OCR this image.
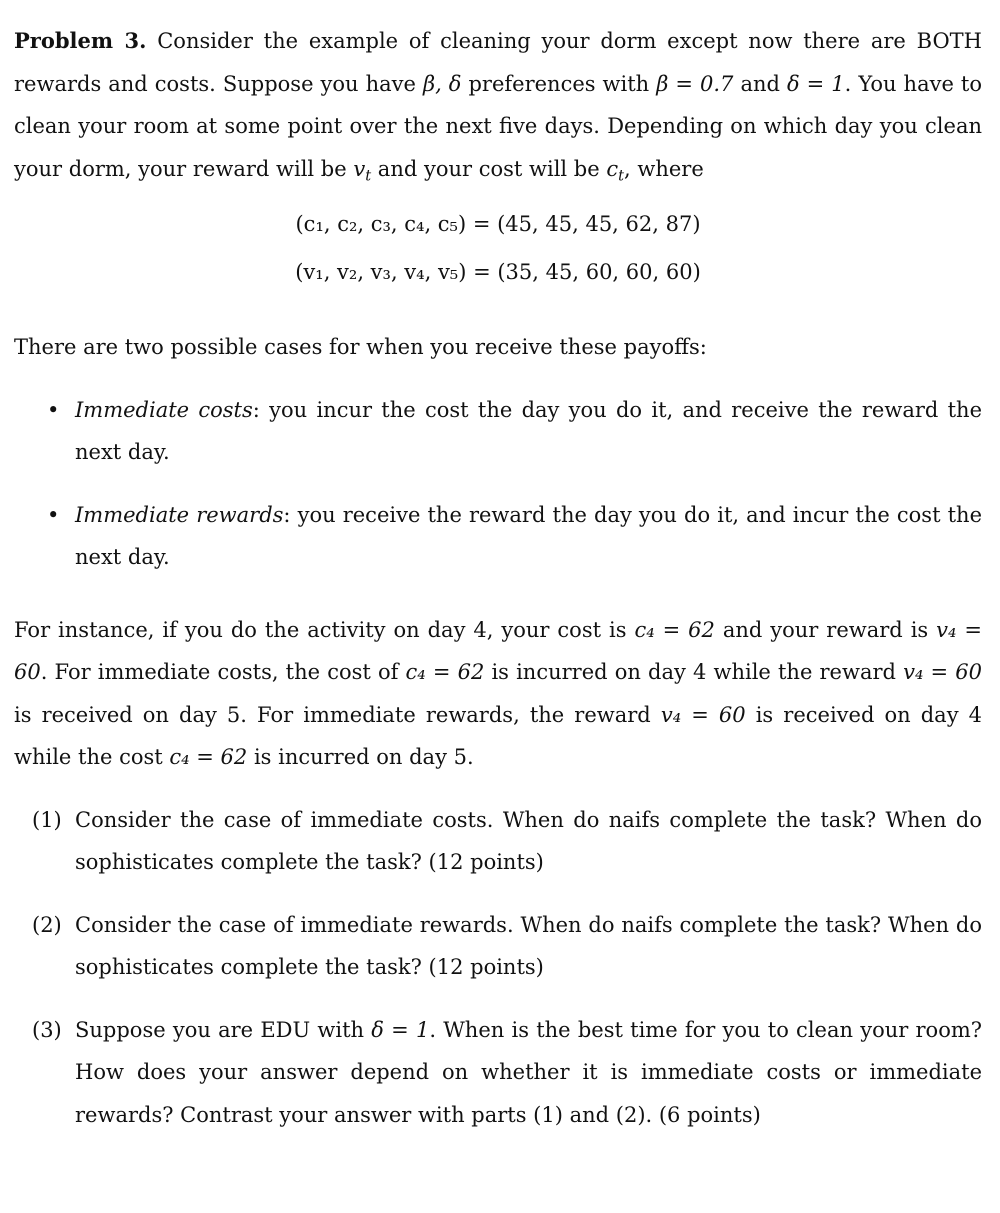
Problem 3. Consider the example of cleaning your dorm except now there are BOTH rewards and costs. Suppose you have β, δ preferences with β = 0.7 and δ = 1. You have to clean your room at some point over the next five days. Depending on which day you clean your dorm, your reward will be $v_t$ and your cost will be $c_t$, where

(c₁, c₂, c₃, c₄, c₅) = (45, 45, 45, 62, 87)
(v₁, v₂, v₃, v₄, v₅) = (35, 45, 60, 60, 60)

There are two possible cases for when you receive these payoffs:

• Immediate costs: you incur the cost the day you do it, and receive the reward the next day.
• Immediate rewards: you receive the reward the day you do it, and incur the cost the next day.

For instance, if you do the activity on day 4, your cost is c₄ = 62 and your reward is v₄ = 60. For immediate costs, the cost of c₄ = 62 is incurred on day 4 while the reward v₄ = 60 is received on day 5. For immediate rewards, the reward v₄ = 60 is received on day 4 while the cost c₄ = 62 is incurred on day 5.

(1) Consider the case of immediate costs. When do naifs complete the task? When do sophisticates complete the task? (12 points)
(2) Consider the case of immediate rewards. When do naifs complete the task? When do sophisticates complete the task? (12 points)
(3) Suppose you are EDU with δ = 1. When is the best time for you to clean your room? How does your answer depend on whether it is immediate costs or immediate rewards? Contrast your answer with parts (1) and (2). (6 points)
